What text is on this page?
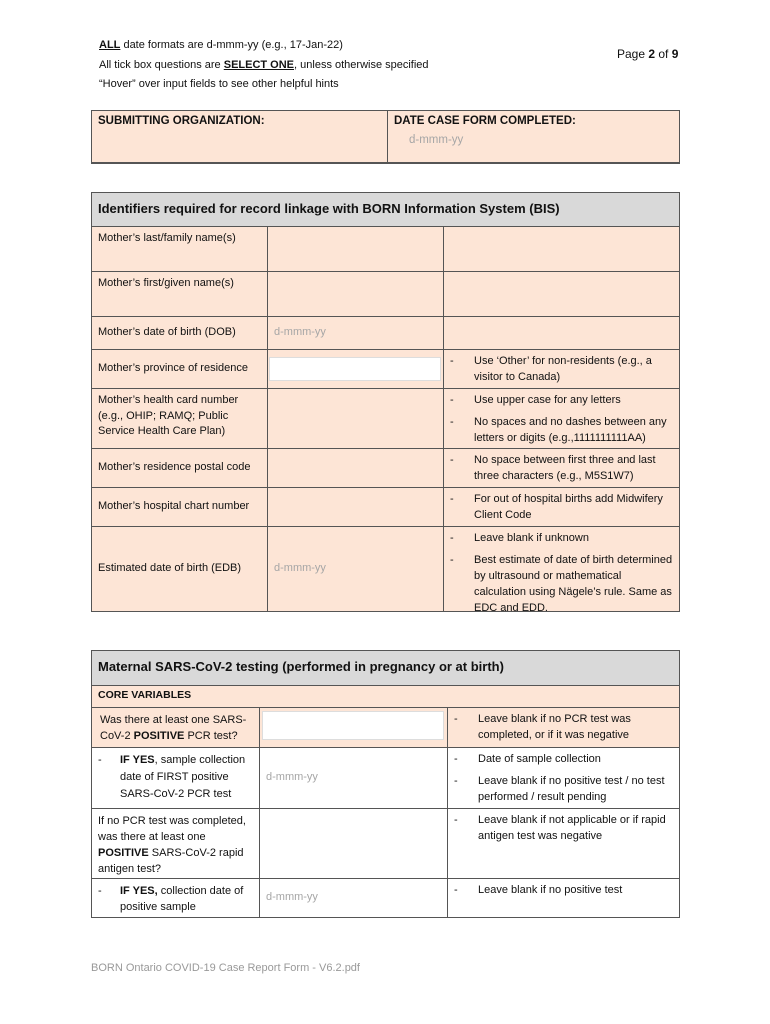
ALL date formats are d-mmm-yy (e.g., 17-Jan-22)
All tick box questions are SELECT ONE, unless otherwise specified
“Hover” over input fields to see other helpful hints
Page 2 of 9
SUBMITTING ORGANIZATION:	DATE CASE FORM COMPLETED:
d-mmm-yy
Identifiers required for record linkage with BORN Information System (BIS)
Mother’s last/family name(s)
Mother’s first/given name(s)
Mother’s date of birth (DOB)	d-mmm-yy
Mother’s province of residence
-	Use ‘Other’ for non-residents (e.g., a visitor to Canada)
Mother’s health card number (e.g., OHIP; RAMQ; Public Service Health Care Plan)
-	Use upper case for any letters
-	No spaces and no dashes between any letters or digits (e.g.,1111111111AA)
Mother’s residence postal code
-	No space between first three and last three characters (e.g., M5S1W7)
Mother’s hospital chart number
-	For out of hospital births add Midwifery Client Code
Estimated date of birth (EDB)	d-mmm-yy
-	Leave blank if unknown
-	Best estimate of date of birth determined by ultrasound or mathematical calculation using Nägele’s rule. Same as EDC and EDD.
Maternal SARS-CoV-2 testing (performed in pregnancy or at birth)
CORE VARIABLES
Was there at least one SARS-CoV-2 POSITIVE PCR test?
-	Leave blank if no PCR test was completed, or if it was negative
-	IF YES, sample collection date of FIRST positive SARS-CoV-2 PCR test
d-mmm-yy
-	Date of sample collection
-	Leave blank if no positive test / no test performed / result pending
If no PCR test was completed, was there at least one POSITIVE SARS-CoV-2 rapid antigen test?
-	Leave blank if not applicable or if rapid antigen test was negative
-	IF YES, collection date of positive sample
d-mmm-yy
-	Leave blank if no positive test
BORN Ontario COVID-19 Case Report Form - V6.2.pdf
